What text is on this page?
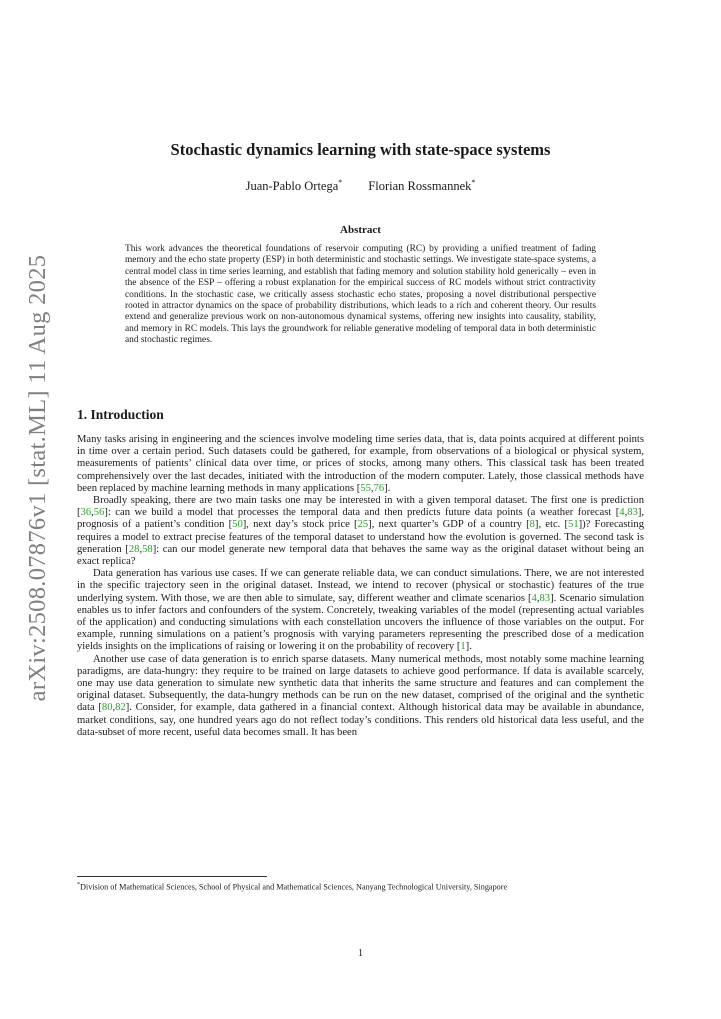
arXiv:2508.07876v1 [stat.ML] 11 Aug 2025
Stochastic dynamics learning with state-space systems
Juan-Pablo Ortega* Florian Rossmannek*
Abstract

This work advances the theoretical foundations of reservoir computing (RC) by providing a unified treatment of fading memory and the echo state property (ESP) in both deterministic and stochastic settings. We investigate state-space systems, a central model class in time series learning, and establish that fading memory and solution stability hold generically – even in the absence of the ESP – offering a robust explanation for the empirical success of RC models without strict contractivity conditions. In the stochastic case, we critically assess stochastic echo states, proposing a novel distributional perspective rooted in attractor dynamics on the space of probability distributions, which leads to a rich and coherent theory. Our results extend and generalize previous work on non-autonomous dynamical systems, offering new insights into causality, stability, and memory in RC models. This lays the groundwork for reliable generative modeling of temporal data in both deterministic and stochastic regimes.

1. Introduction

Many tasks arising in engineering and the sciences involve modeling time series data, that is, data points acquired at different points in time over a certain period. Such datasets could be gathered, for example, from observations of a biological or physical system, measurements of patients’ clinical data over time, or prices of stocks, among many others. This classical task has been treated comprehensively over the last decades, initiated with the introduction of the modern computer. Lately, those classical methods have been replaced by machine learning methods in many applications [55,76].

Broadly speaking, there are two main tasks one may be interested in with a given temporal dataset. The first one is prediction [36,56]: can we build a model that processes the temporal data and then predicts future data points (a weather forecast [4,83], prognosis of a patient’s condition [50], next day’s stock price [25], next quarter’s GDP of a country [8], etc. [51])? Forecasting requires a model to extract precise features of the temporal dataset to understand how the evolution is governed. The second task is generation [28,58]: can our model generate new temporal data that behaves the same way as the original dataset without being an exact replica?

Data generation has various use cases. If we can generate reliable data, we can conduct simulations. There, we are not interested in the specific trajectory seen in the original dataset. Instead, we intend to recover (physical or stochastic) features of the true underlying system. With those, we are then able to simulate, say, different weather and climate scenarios [4,83]. Scenario simulation enables us to infer factors and confounders of the system. Concretely, tweaking variables of the model (representing actual variables of the application) and conducting simulations with each constellation uncovers the influence of those variables on the output. For example, running simulations on a patient’s prognosis with varying parameters representing the prescribed dose of a medication yields insights on the implications of raising or lowering it on the probability of recovery [1].

Another use case of data generation is to enrich sparse datasets. Many numerical methods, most notably some machine learning paradigms, are data-hungry: they require to be trained on large datasets to achieve good performance. If data is available scarcely, one may use data generation to simulate new synthetic data that inherits the same structure and features and can complement the original dataset. Subsequently, the data-hungry methods can be run on the new dataset, comprised of the original and the synthetic data [80,82]. Consider, for example, data gathered in a financial context. Although historical data may be available in abundance, market conditions, say, one hundred years ago do not reflect today’s conditions. This renders old historical data less useful, and the data-subset of more recent, useful data becomes small. It has been

*Division of Mathematical Sciences, School of Physical and Mathematical Sciences, Nanyang Technological University, Singapore

1
